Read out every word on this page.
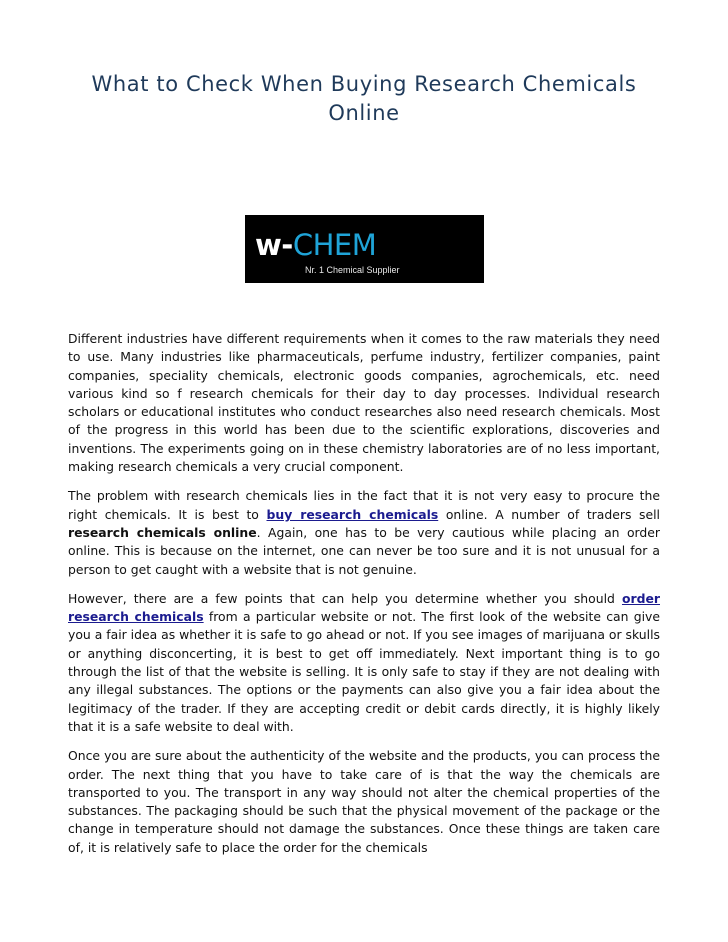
What to Check When Buying Research Chemicals Online
w-CHEM
Nr. 1 Chemical Supplier

Different industries have different requirements when it comes to the raw materials they need to use. Many industries like pharmaceuticals, perfume industry, fertilizer companies, paint companies, speciality chemicals, electronic goods companies, agrochemicals, etc. need various kind so f research chemicals for their day to day processes. Individual research scholars or educational institutes who conduct researches also need research chemicals. Most of the progress in this world has been due to the scientific explorations, discoveries and inventions. The experiments going on in these chemistry laboratories are of no less important, making research chemicals a very crucial component.

The problem with research chemicals lies in the fact that it is not very easy to procure the right chemicals. It is best to buy research chemicals online. A number of traders sell research chemicals online. Again, one has to be very cautious while placing an order online. This is because on the internet, one can never be too sure and it is not unusual for a person to get caught with a website that is not genuine.

However, there are a few points that can help you determine whether you should order research chemicals from a particular website or not. The first look of the website can give you a fair idea as whether it is safe to go ahead or not. If you see images of marijuana or skulls or anything disconcerting, it is best to get off immediately. Next important thing is to go through the list of that the website is selling. It is only safe to stay if they are not dealing with any illegal substances. The options or the payments can also give you a fair idea about the legitimacy of the trader. If they are accepting credit or debit cards directly, it is highly likely that it is a safe website to deal with.

Once you are sure about the authenticity of the website and the products, you can process the order. The next thing that you have to take care of is that the way the chemicals are transported to you. The transport in any way should not alter the chemical properties of the substances. The packaging should be such that the physical movement of the package or the change in temperature should not damage the substances. Once these things are taken care of, it is relatively safe to place the order for the chemicals
